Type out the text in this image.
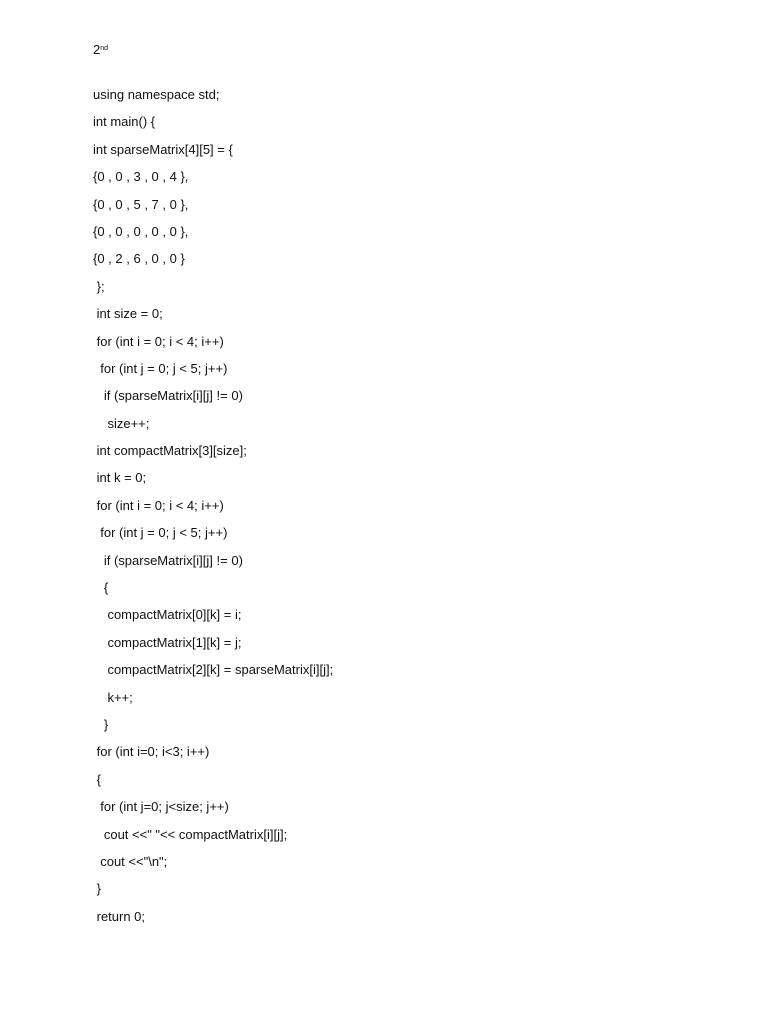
2nd
using namespace std;
int main() {
int sparseMatrix[4][5] = {
{0 , 0 , 3 , 0 , 4 },
{0 , 0 , 5 , 7 , 0 },
{0 , 0 , 0 , 0 , 0 },
{0 , 2 , 6 , 0 , 0 }
};
int size = 0;
for (int i = 0; i < 4; i++)
for (int j = 0; j < 5; j++)
if (sparseMatrix[i][j] != 0)
size++;
int compactMatrix[3][size];
int k = 0;
for (int i = 0; i < 4; i++)
for (int j = 0; j < 5; j++)
if (sparseMatrix[i][j] != 0)
{
compactMatrix[0][k] = i;
compactMatrix[1][k] = j;
compactMatrix[2][k] = sparseMatrix[i][j];
k++;
}
for (int i=0; i<3; i++)
{
for (int j=0; j<size; j++)
cout <<" "<< compactMatrix[i][j];
cout <<"\n";
}
return 0;
